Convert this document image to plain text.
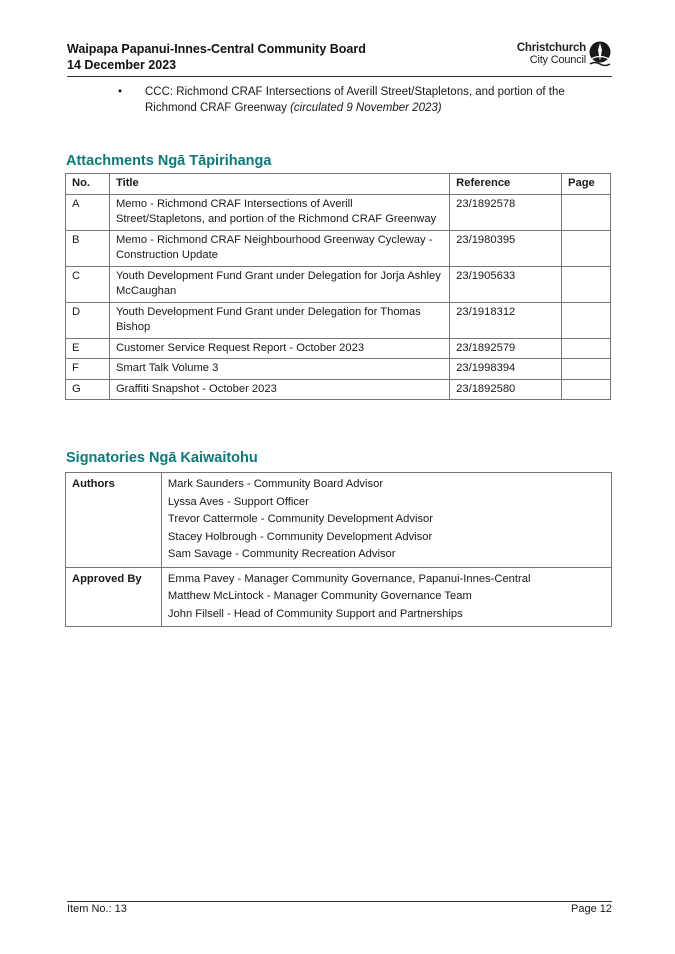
Waipapa Papanui-Innes-Central Community Board
14 December 2023
Christchurch
City Council
• CCC: Richmond CRAF Intersections of Averill Street/Stapletons, and portion of the Richmond CRAF Greenway (circulated 9 November 2023)
Attachments Ngā Tāpirihanga
No.	Title	Reference	Page
A	Memo - Richmond CRAF Intersections of Averill Street/Stapletons, and portion of the Richmond CRAF Greenway	23/1892578	
B	Memo - Richmond CRAF Neighbourhood Greenway Cycleway - Construction Update	23/1980395	
C	Youth Development Fund Grant under Delegation for Jorja Ashley McCaughan	23/1905633	
D	Youth Development Fund Grant under Delegation for Thomas Bishop	23/1918312	
E	Customer Service Request Report - October 2023	23/1892579	
F	Smart Talk Volume 3	23/1998394	
G	Graffiti Snapshot - October 2023	23/1892580	
Signatories Ngā Kaiwaitohu
Authors	Mark Saunders - Community Board Advisor
Lyssa Aves - Support Officer
Trevor Cattermole - Community Development Advisor
Stacey Holbrough - Community Development Advisor
Sam Savage - Community Recreation Advisor

Approved By	Emma Pavey - Manager Community Governance, Papanui-Innes-Central
Matthew McLintock - Manager Community Governance Team
John Filsell - Head of Community Support and Partnerships
Item No.: 13	Page 12
